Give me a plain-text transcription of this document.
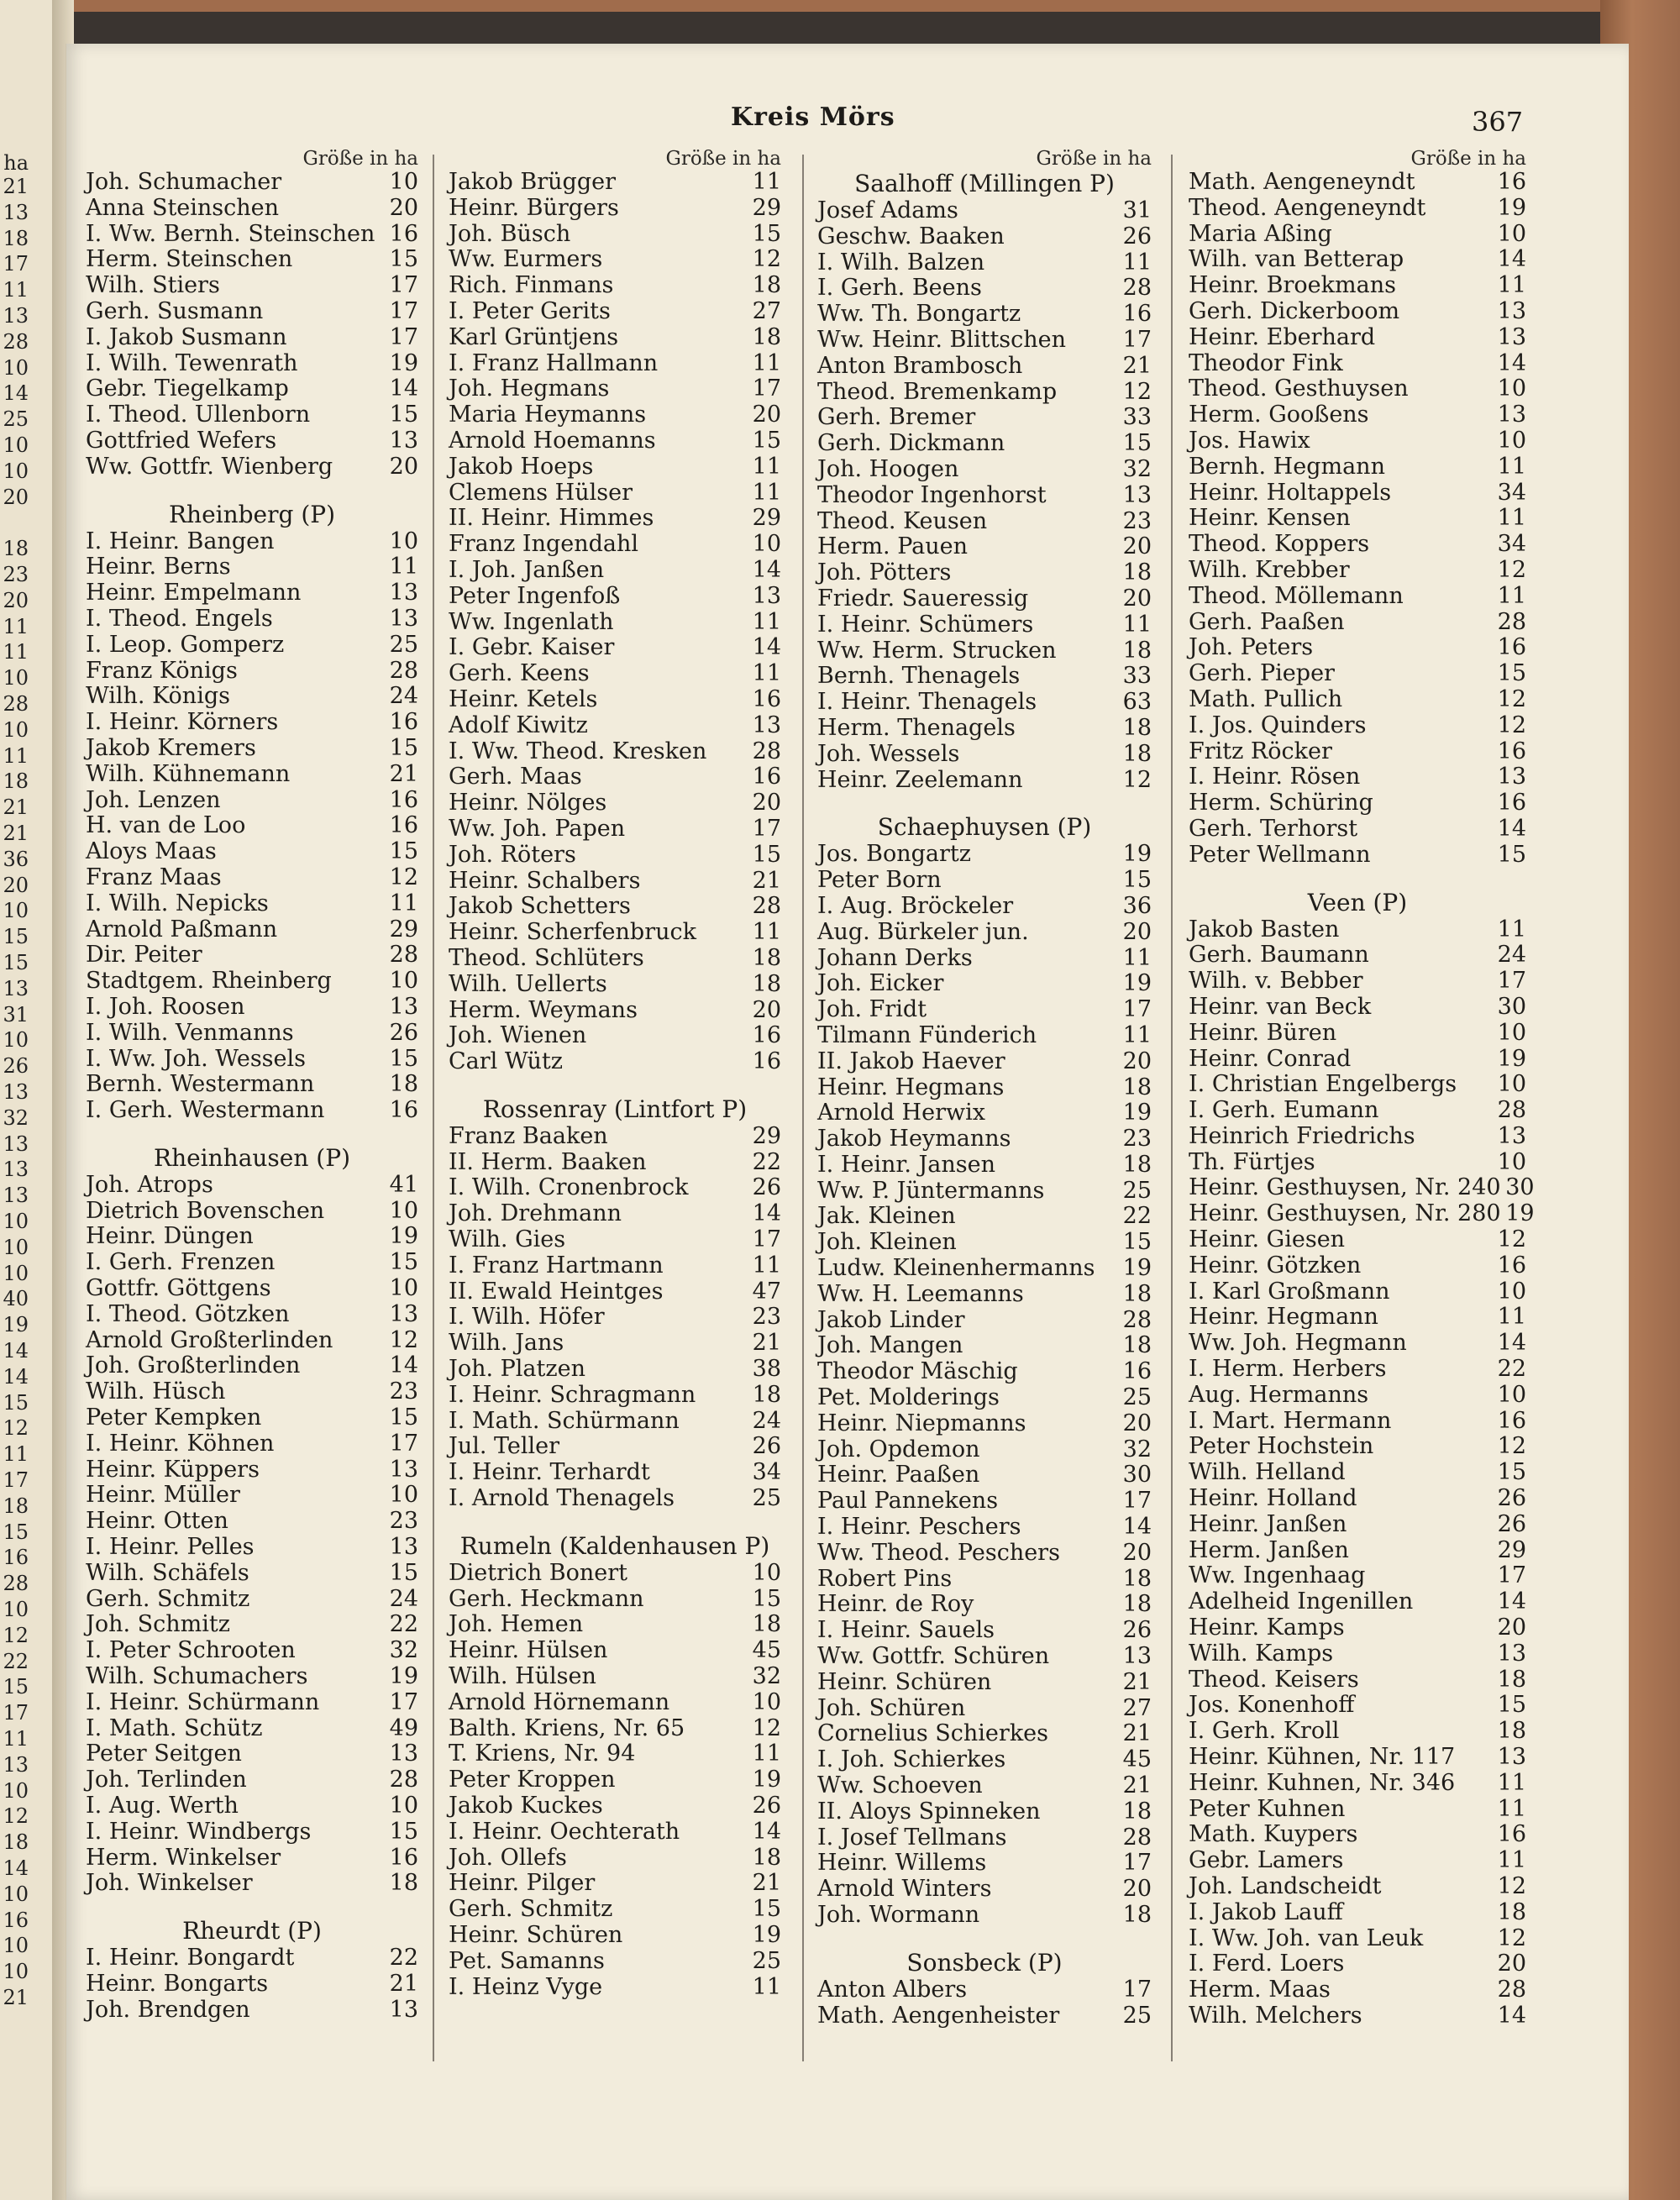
ha
21
13
18
17
11
13
28
10
14
25
10
10
20
18
23
20
11
11
10
28
10
11
18
21
21
36
20
10
15
15
13
31
10
26
13
32
13
13
13
10
10
10
40
19
14
14
15
12
11
17
18
15
16
28
10
12
22
15
17
11
13
10
12
18
14
10
16
10
10
21
Kreis Mörs	367
Größe in ha
Joh. Schumacher	10
Anna Steinschen	20
I. Ww. Bernh. Steinschen 16
Herm. Steinschen	15
Wilh. Stiers	17
Gerh. Susmann	17
I. Jakob Susmann	17
I. Wilh. Tewenrath	19
Gebr. Tiegelkamp	14
I. Theod. Ullenborn	15
Gottfried Wefers	13
Ww. Gottfr. Wienberg 20
Rheinberg (P)
I. Heinr. Bangen	10
Heinr. Berns	11
Heinr. Empelmann	13
I. Theod. Engels	13
I. Leop. Gomperz	25
Franz Königs	28
Wilh. Königs	24
I. Heinr. Körners	16
Jakob Kremers	15
Wilh. Kühnemann	21
Joh. Lenzen	16
H. van de Loo	16
Aloys Maas	15
Franz Maas	12
I. Wilh. Nepicks	11
Arnold Paßmann	29
Dir. Peiter	28
Stadtgem. Rheinberg	10
I. Joh. Roosen	13
I. Wilh. Venmanns	26
I. Ww. Joh. Wessels	15
Bernh. Westermann	18
I. Gerh. Westermann	16
Rheinhausen (P)
Joh. Atrops	41
Dietrich Bovenschen	10
Heinr. Düngen	19
I. Gerh. Frenzen	15
Gottfr. Göttgens	10
I. Theod. Götzken	13
Arnold Großterlinden 12
Joh. Großterlinden	14
Wilh. Hüsch	23
Peter Kempken	15
I. Heinr. Köhnen	17
Heinr. Küppers	13
Heinr. Müller	10
Heinr. Otten	23
I. Heinr. Pelles	13
Wilh. Schäfels	15
Gerh. Schmitz	24
Joh. Schmitz	22
I. Peter Schrooten	32
Wilh. Schumachers	19
I. Heinr. Schürmann	17
I. Math. Schütz	49
Peter Seitgen	13
Joh. Terlinden	28
I. Aug. Werth	10
I. Heinr. Windbergs	15
Herm. Winkelser	16
Joh. Winkelser	18
Rheurdt (P)
I. Heinr. Bongardt	22
Heinr. Bongarts	21
Joh. Brendgen	13
Größe in ha
Jakob Brügger	11
Heinr. Bürgers	29
Joh. Büsch	15
Ww. Eurmers	12
Rich. Finmans	18
I. Peter Gerits	27
Karl Grüntjens	18
I. Franz Hallmann	11
Joh. Hegmans	17
Maria Heymanns	20
Arnold Hoemanns	15
Jakob Hoeps	11
Clemens Hülser	11
II. Heinr. Himmes	29
Franz Ingendahl	10
I. Joh. Janßen	14
Peter Ingenfoß	13
Ww. Ingenlath	11
I. Gebr. Kaiser	14
Gerh. Keens	11
Heinr. Ketels	16
Adolf Kiwitz	13
I. Ww. Theod. Kresken 28
Gerh. Maas	16
Heinr. Nölges	20
Ww. Joh. Papen	17
Joh. Röters	15
Heinr. Schalbers	21
Jakob Schetters	28
Heinr. Scherfenbruck 11
Theod. Schlüters	18
Wilh. Uellerts	18
Herm. Weymans	20
Joh. Wienen	16
Carl Wütz	16
Rossenray (Lintfort P)
Franz Baaken	29
II. Herm. Baaken	22
I. Wilh. Cronenbrock	26
Joh. Drehmann	14
Wilh. Gies	17
I. Franz Hartmann	11
II. Ewald Heintges	47
I. Wilh. Höfer	23
Wilh. Jans	21
Joh. Platzen	38
I. Heinr. Schragmann 18
I. Math. Schürmann	24
Jul. Teller	26
I. Heinr. Terhardt	34
I. Arnold Thenagels	25
Rumeln (Kaldenhausen P)
Dietrich Bonert	10
Gerh. Heckmann	15
Joh. Hemen	18
Heinr. Hülsen	45
Wilh. Hülsen	32
Arnold Hörnemann	10
Balth. Kriens, Nr. 65	12
T. Kriens, Nr. 94	11
Peter Kroppen	19
Jakob Kuckes	26
I. Heinr. Oechterath	14
Joh. Ollefs	18
Heinr. Pilger	21
Gerh. Schmitz	15
Heinr. Schüren	19
Pet. Samanns	25
I. Heinz Vyge	11
Größe in ha
Saalhoff (Millingen P)
Josef Adams	31
Geschw. Baaken	26
I. Wilh. Balzen	11
I. Gerh. Beens	28
Ww. Th. Bongartz	16
Ww. Heinr. Blittschen	17
Anton Brambosch	21
Theod. Bremenkamp	12
Gerh. Bremer	33
Gerh. Dickmann	15
Joh. Hoogen	32
Theodor Ingenhorst	13
Theod. Keusen	23
Herm. Pauen	20
Joh. Pötters	18
Friedr. Saueressig	20
I. Heinr. Schümers	11
Ww. Herm. Strucken	18
Bernh. Thenagels	33
I. Heinr. Thenagels	63
Herm. Thenagels	18
Joh. Wessels	18
Heinr. Zeelemann	12
Schaephuysen (P)
Jos. Bongartz	19
Peter Born	15
I. Aug. Bröckeler	36
Aug. Bürkeler jun.	20
Johann Derks	11
Joh. Eicker	19
Joh. Fridt	17
Tilmann Fünderich	11
II. Jakob Haever	20
Heinr. Hegmans	18
Arnold Herwix	19
Jakob Heymanns	23
I. Heinr. Jansen	18
Ww. P. Jüntermanns	25
Jak. Kleinen	22
Joh. Kleinen	15
Ludw. Kleinenhermanns 19
Ww. H. Leemanns	18
Jakob Linder	28
Joh. Mangen	18
Theodor Mäschig	16
Pet. Molderings	25
Heinr. Niepmanns	20
Joh. Opdemon	32
Heinr. Paaßen	30
Paul Pannekens	17
I. Heinr. Peschers	14
Ww. Theod. Peschers	20
Robert Pins	18
Heinr. de Roy	18
I. Heinr. Sauels	26
Ww. Gottfr. Schüren	13
Heinr. Schüren	21
Joh. Schüren	27
Cornelius Schierkes	21
I. Joh. Schierkes	45
Ww. Schoeven	21
II. Aloys Spinneken	18
I. Josef Tellmans	28
Heinr. Willems	17
Arnold Winters	20
Joh. Wormann	18
Sonsbeck (P)
Anton Albers	17
Math. Aengenheister	25
Größe in ha
Math. Aengeneyndt	16
Theod. Aengeneyndt	19
Maria Aßing	10
Wilh. van Betterap	14
Heinr. Broekmans	11
Gerh. Dickerboom	13
Heinr. Eberhard	13
Theodor Fink	14
Theod. Gesthuysen	10
Herm. Gooßens	13
Jos. Hawix	10
Bernh. Hegmann	11
Heinr. Holtappels	34
Heinr. Kensen	11
Theod. Koppers	34
Wilh. Krebber	12
Theod. Möllemann	11
Gerh. Paaßen	28
Joh. Peters	16
Gerh. Pieper	15
Math. Pullich	12
I. Jos. Quinders	12
Fritz Röcker	16
I. Heinr. Rösen	13
Herm. Schüring	16
Gerh. Terhorst	14
Peter Wellmann	15
Veen (P)
Jakob Basten	11
Gerh. Baumann	24
Wilh. v. Bebber	17
Heinr. van Beck	30
Heinr. Büren	10
Heinr. Conrad	19
I. Christian Engelbergs 10
I. Gerh. Eumann	28
Heinrich Friedrichs	13
Th. Fürtjes	10
Heinr. Gesthuysen, Nr. 240 30
Heinr. Gesthuysen, Nr. 280 19
Heinr. Giesen	12
Heinr. Götzken	16
I. Karl Großmann	10
Heinr. Hegmann	11
Ww. Joh. Hegmann	14
I. Herm. Herbers	22
Aug. Hermanns	10
I. Mart. Hermann	16
Peter Hochstein	12
Wilh. Helland	15
Heinr. Holland	26
Heinr. Janßen	26
Herm. Janßen	29
Ww. Ingenhaag	17
Adelheid Ingenillen	14
Heinr. Kamps	20
Wilh. Kamps	13
Theod. Keisers	18
Jos. Konenhoff	15
I. Gerh. Kroll	18
Heinr. Kühnen, Nr. 117 13
Heinr. Kuhnen, Nr. 346 11
Peter Kuhnen	11
Math. Kuypers	16
Gebr. Lamers	11
Joh. Landscheidt	12
I. Jakob Lauff	18
I. Ww. Joh. van Leuk	12
I. Ferd. Loers	20
Herm. Maas	28
Wilh. Melchers	14
